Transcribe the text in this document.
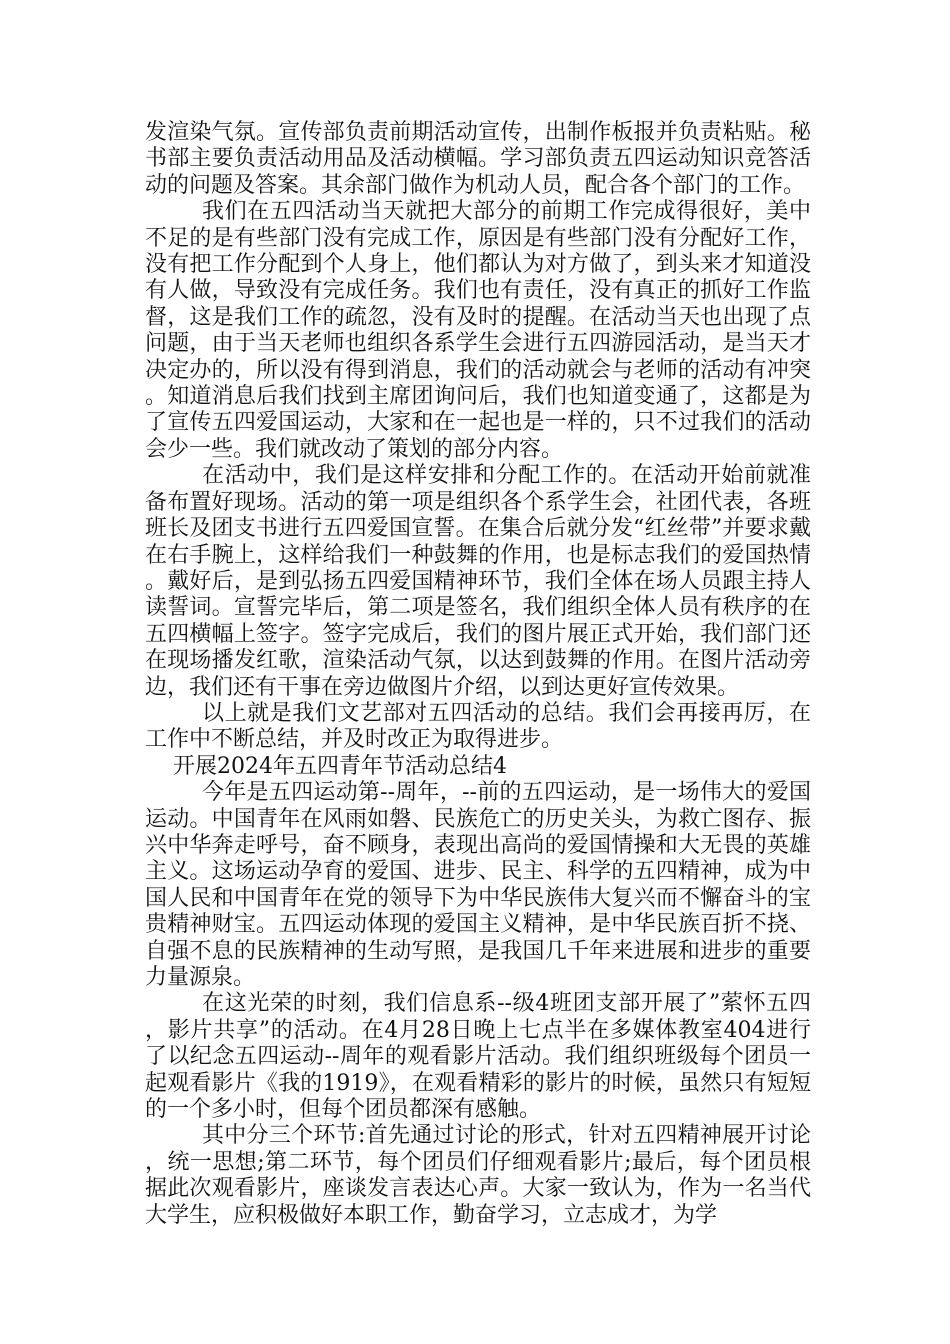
发渲染气氛。宣传部负责前期活动宣传，出制作板报并负责粘贴。秘书部主要负责活动用品及活动横幅。学习部负责五四运动知识竞答活动的问题及答案。其余部门做作为机动人员，配合各个部门的工作。

我们在五四活动当天就把大部分的前期工作完成得很好，美中不足的是有些部门没有完成工作，原因是有些部门没有分配好工作，没有把工作分配到个人身上，他们都认为对方做了，到头来才知道没有人做，导致没有完成任务。我们也有责任，没有真正的抓好工作监督，这是我们工作的疏忽，没有及时的提醒。在活动当天也出现了点问题，由于当天老师也组织各系学生会进行五四游园活动，是当天才决定办的，所以没有得到消息，我们的活动就会与老师的活动有冲突。知道消息后我们找到主席团询问后，我们也知道变通了，这都是为了宣传五四爱国运动，大家和在一起也是一样的，只不过我们的活动会少一些。我们就改动了策划的部分内容。

在活动中，我们是这样安排和分配工作的。在活动开始前就准备布置好现场。活动的第一项是组织各个系学生会，社团代表，各班班长及团支书进行五四爱国宣誓。在集合后就分发“红丝带”并要求戴在右手腕上，这样给我们一种鼓舞的作用，也是标志我们的爱国热情。戴好后，是到弘扬五四爱国精神环节，我们全体在场人员跟主持人读誓词。宣誓完毕后，第二项是签名，我们组织全体人员有秩序的在五四横幅上签字。签字完成后，我们的图片展正式开始，我们部门还在现场播发红歌，渲染活动气氛，以达到鼓舞的作用。在图片活动旁边，我们还有干事在旁边做图片介绍，以到达更好宣传效果。

以上就是我们文艺部对五四活动的总结。我们会再接再厉，在工作中不断总结，并及时改正为取得进步。

开展2024年五四青年节活动总结4

今年是五四运动第--周年，--前的五四运动，是一场伟大的爱国运动。中国青年在风雨如磐、民族危亡的历史关头，为救亡图存、振兴中华奔走呼号，奋不顾身，表现出高尚的爱国情操和大无畏的英雄主义。这场运动孕育的爱国、进步、民主、科学的五四精神，成为中国人民和中国青年在党的领导下为中华民族伟大复兴而不懈奋斗的宝贵精神财宝。五四运动体现的爱国主义精神，是中华民族百折不挠、自强不息的民族精神的生动写照，是我国几千年来进展和进步的重要力量源泉。

在这光荣的时刻，我们信息系--级4班团支部开展了”萦怀五四，影片共享”的活动。在4月28日晚上七点半在多媒体教室404进行了以纪念五四运动--周年的观看影片活动。我们组织班级每个团员一起观看影片《我的1919》，在观看精彩的影片的时候，虽然只有短短的一个多小时，但每个团员都深有感触。

其中分三个环节:首先通过讨论的形式，针对五四精神展开讨论，统一思想;第二环节，每个团员们仔细观看影片;最后，每个团员根据此次观看影片，座谈发言表达心声。大家一致认为，作为一名当代大学生，应积极做好本职工作，勤奋学习，立志成才，为学
